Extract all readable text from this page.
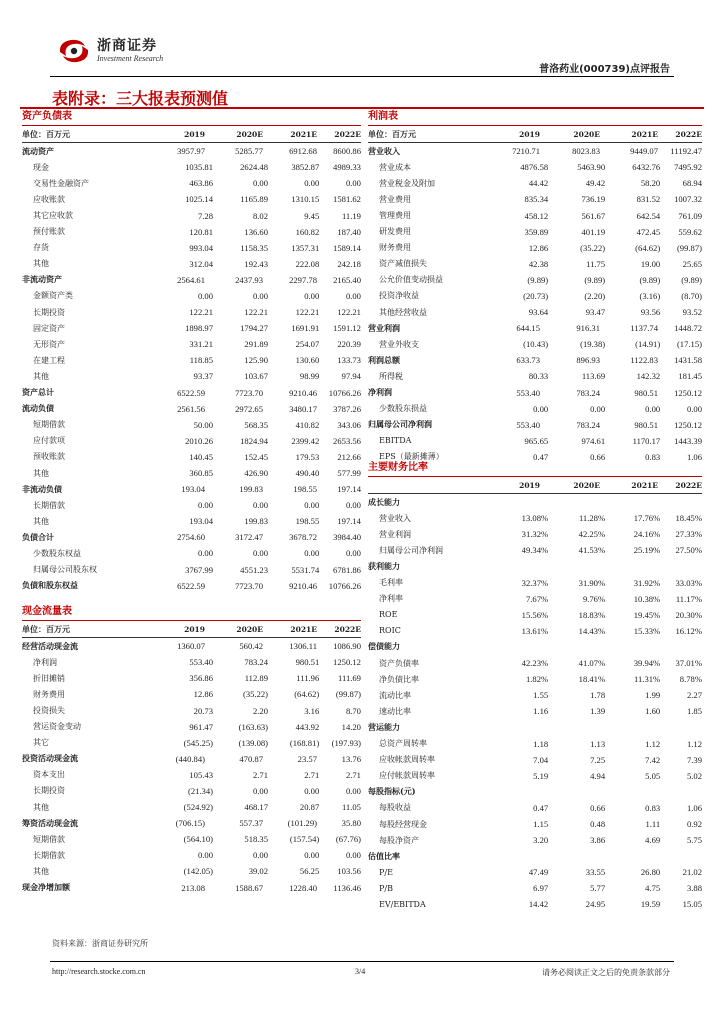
浙商证券
Investment Research
普洛药业(000739)点评报告
表附录：三大报表预测值
资产负债表
单位：百万元	2019	2020E	2021E	2022E
流动资产	3957.97	5285.77	6912.68	8600.86
现金	1035.81	2624.48	3852.87	4989.33
交易性金融资产	463.86	0.00	0.00	0.00
应收账款	1025.14	1165.89	1310.15	1581.62
其它应收款	7.28	8.02	9.45	11.19
预付账款	120.81	136.60	160.82	187.40
存货	993.04	1158.35	1357.31	1589.14
其他	312.04	192.43	222.08	242.18
非流动资产	2564.61	2437.93	2297.78	2165.40
金额资产类	0.00	0.00	0.00	0.00
长期投资	122.21	122.21	122.21	122.21
固定资产	1898.97	1794.27	1691.91	1591.12
无形资产	331.21	291.89	254.07	220.39
在建工程	118.85	125.90	130.60	133.73
其他	93.37	103.67	98.99	97.94
资产总计	6522.59	7723.70	9210.46	10766.26
流动负债	2561.56	2972.65	3480.17	3787.26
短期借款	50.00	568.35	410.82	343.06
应付款项	2010.26	1824.94	2399.42	2653.56
预收账款	140.45	152.45	179.53	212.66
其他	360.85	426.90	490.40	577.99
非流动负债	193.04	199.83	198.55	197.14
长期借款	0.00	0.00	0.00	0.00
其他	193.04	199.83	198.55	197.14
负债合计	2754.60	3172.47	3678.72	3984.40
少数股东权益	0.00	0.00	0.00	0.00
归属母公司股东权	3767.99	4551.23	5531.74	6781.86
负债和股东权益	6522.59	7723.70	9210.46	10766.26
现金流量表
单位：百万元	2019	2020E	2021E	2022E
经营活动现金流	1360.07	560.42	1306.11	1086.90
净利润	553.40	783.24	980.51	1250.12
折旧摊销	356.86	112.89	111.96	111.69
财务费用	12.86	(35.22)	(64.62)	(99.87)
投资损失	20.73	2.20	3.16	8.70
营运资金变动	961.47	(163.63)	443.92	14.20
其它	(545.25)	(139.08)	(168.81)	(197.93)
投资活动现金流	(440.84)	470.87	23.57	13.76
资本支出	105.43	2.71	2.71	2.71
长期投资	(21.34)	0.00	0.00	0.00
其他	(524.92)	468.17	20.87	11.05
筹资活动现金流	(706.15)	557.37	(101.29)	35.80
短期借款	(564.10)	518.35	(157.54)	(67.76)
长期借款	0.00	0.00	0.00	0.00
其他	(142.05)	39.02	56.25	103.56
现金净增加额	213.08	1588.67	1228.40	1136.46
利润表
单位：百万元	2019	2020E	2021E	2022E
营业收入	7210.71	8023.83	9449.07	11192.47
营业成本	4876.58	5463.90	6432.76	7495.92
营业税金及附加	44.42	49.42	58.20	68.94
营业费用	835.34	736.19	831.52	1007.32
管理费用	458.12	561.67	642.54	761.09
研发费用	359.89	401.19	472.45	559.62
财务费用	12.86	(35.22)	(64.62)	(99.87)
资产减值损失	42.38	11.75	19.00	25.65
公允价值变动损益	(9.89)	(9.89)	(9.89)	(9.89)
投资净收益	(20.73)	(2.20)	(3.16)	(8.70)
其他经营收益	93.64	93.47	93.56	93.52
营业利润	644.15	916.31	1137.74	1448.72
营业外收支	(10.43)	(19.38)	(14.91)	(17.15)
利润总额	633.73	896.93	1122.83	1431.58
所得税	80.33	113.69	142.32	181.45
净利润	553.40	783.24	980.51	1250.12
少数股东损益	0.00	0.00	0.00	0.00
归属母公司净利润	553.40	783.24	980.51	1250.12
EBITDA	965.65	974.61	1170.17	1443.39
EPS（最新摊薄）	0.47	0.66	0.83	1.06
主要财务比率
2019	2020E	2021E	2022E
成长能力
营业收入	13.08%	11.28%	17.76%	18.45%
营业利润	31.32%	42.25%	24.16%	27.33%
归属母公司净利润	49.34%	41.53%	25.19%	27.50%
获利能力
毛利率	32.37%	31.90%	31.92%	33.03%
净利率	7.67%	9.76%	10.38%	11.17%
ROE	15.56%	18.83%	19.45%	20.30%
ROIC	13.61%	14.43%	15.33%	16.12%
偿债能力
资产负债率	42.23%	41.07%	39.94%	37.01%
净负债比率	1.82%	18.41%	11.31%	8.78%
流动比率	1.55	1.78	1.99	2.27
速动比率	1.16	1.39	1.60	1.85
营运能力
总资产周转率	1.18	1.13	1.12	1.12
应收帐款周转率	7.04	7.25	7.42	7.39
应付帐款周转率	5.19	4.94	5.05	5.02
每股指标(元)
每股收益	0.47	0.66	0.83	1.06
每股经营现金	1.15	0.48	1.11	0.92
每股净资产	3.20	3.86	4.69	5.75
估值比率
P/E	47.49	33.55	26.80	21.02
P/B	6.97	5.77	4.75	3.88
EV/EBITDA	14.42	24.95	19.59	15.05
资料来源：浙商证券研究所
http://research.stocke.com.cn	3/4	请务必阅读正文之后的免责条款部分
